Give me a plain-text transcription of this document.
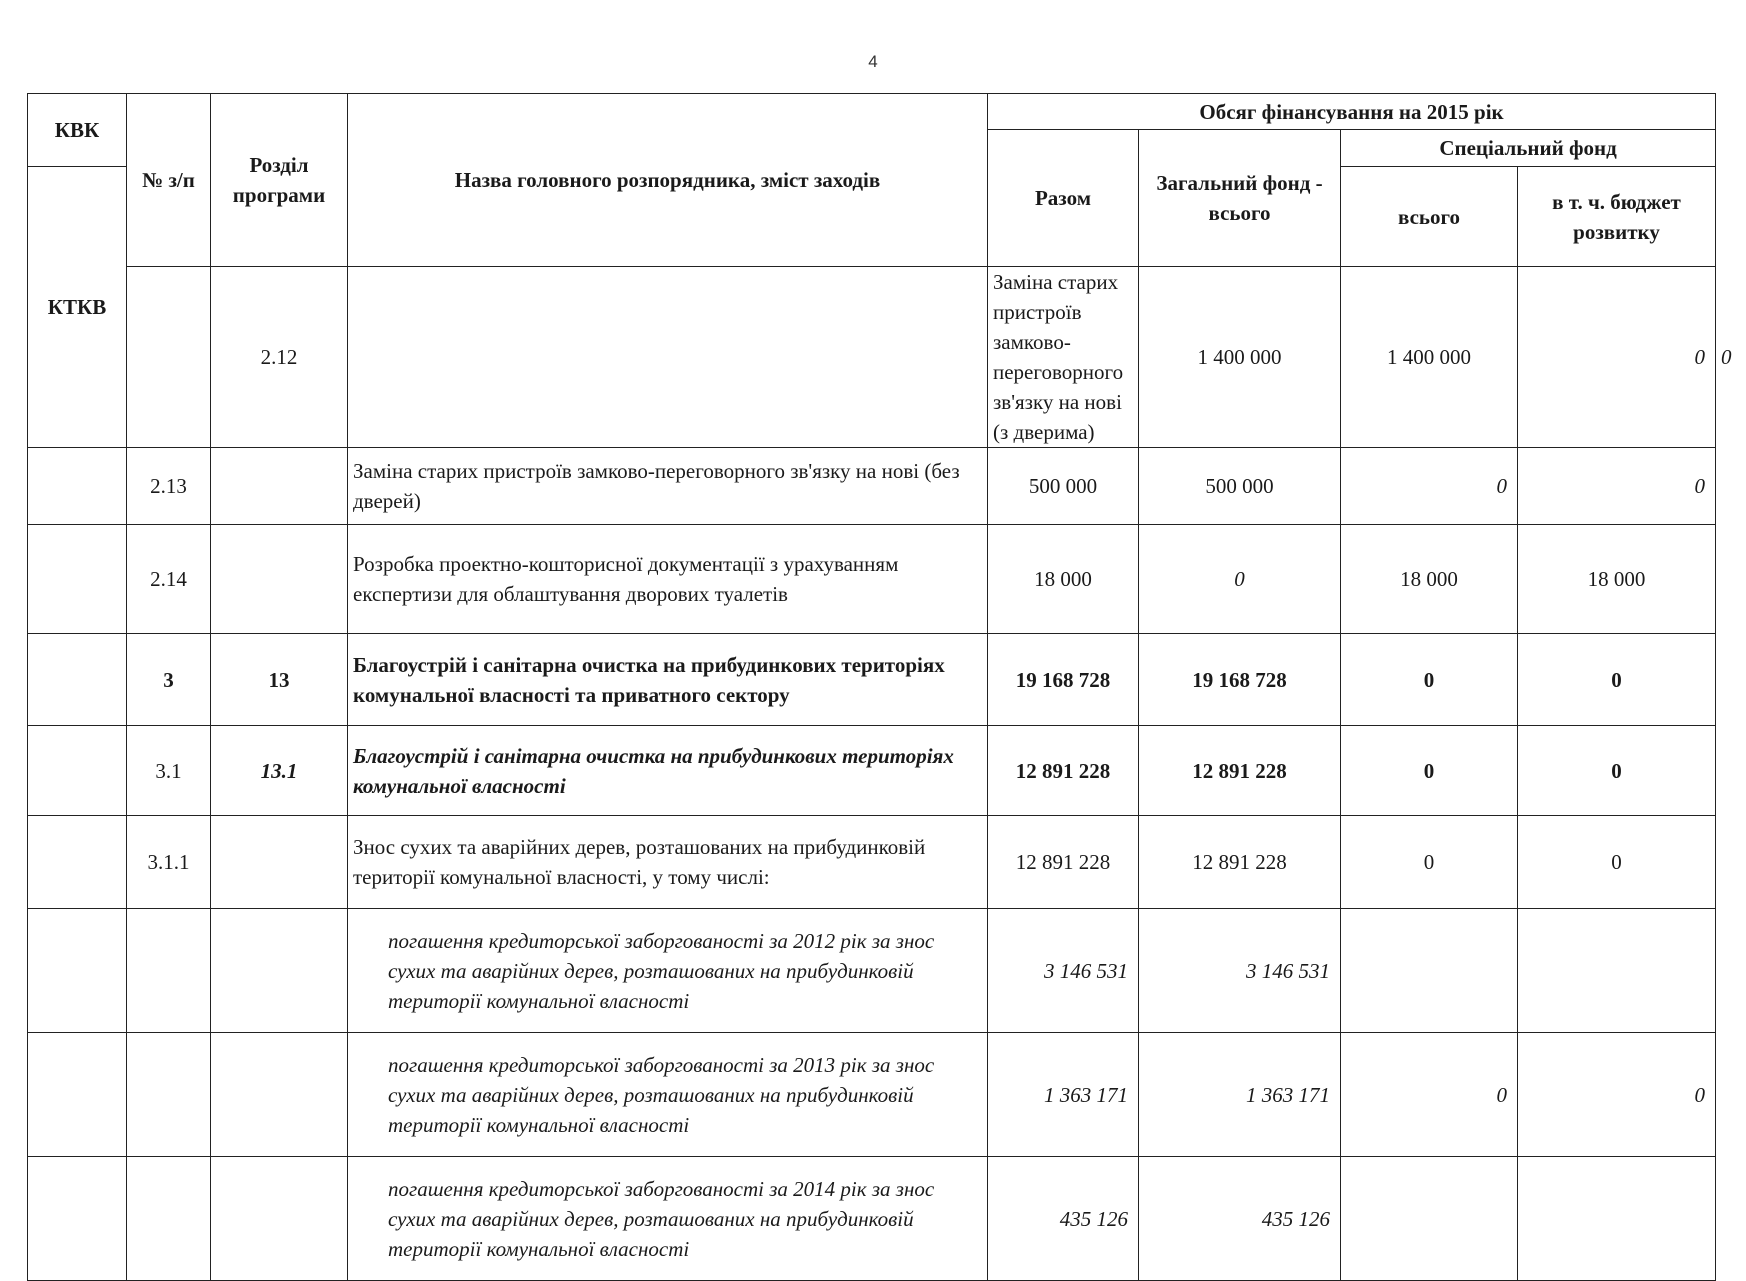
4
КВК	№ з/п	Розділ програми	Назва головного розпорядника, зміст заходів	Обсяг фінансування на 2015 рік				
				Разом	Загальний фонд - всього	Спеціальний фонд		
КТКВ						всього	в т. ч. бюджет розвитку	

		2.12		Заміна старих пристроїв замково-переговорного зв'язку на нові (з дверима)	1 400 000	1 400 000	0	0
	2.13		Заміна старих пристроїв замково-переговорного зв'язку на нові (без дверей)	500 000	500 000	0	0	
	2.14		Розробка проектно-кошторисної документації з урахуванням експертизи для облаштування дворових туалетів	18 000	0	18 000	18 000	
	3	13	Благоустрій і санітарна очистка на прибудинкових територіях комунальної власності та приватного сектору	19 168 728	19 168 728	0	0	
	3.1	13.1	Благоустрій і санітарна очистка на прибудинкових територіях комунальної власності	12 891 228	12 891 228	0	0	
	3.1.1		Знос сухих та аварійних дерев, розташованих на прибудинковій території комунальної власності, у тому числі:	12 891 228	12 891 228	0	0	
			погашення кредиторської заборгованості за 2012 рік за знос сухих та аварійних дерев, розташованих на прибудинковій території комунальної власності	3 146 531	3 146 531			
			погашення кредиторської заборгованості за 2013 рік за знос сухих та аварійних дерев, розташованих на прибудинковій території комунальної власності	1 363 171	1 363 171	0	0	
			погашення кредиторської заборгованості за 2014 рік за знос сухих та аварійних дерев, розташованих на прибудинковій території комунальної власності	435 126	435 126			
